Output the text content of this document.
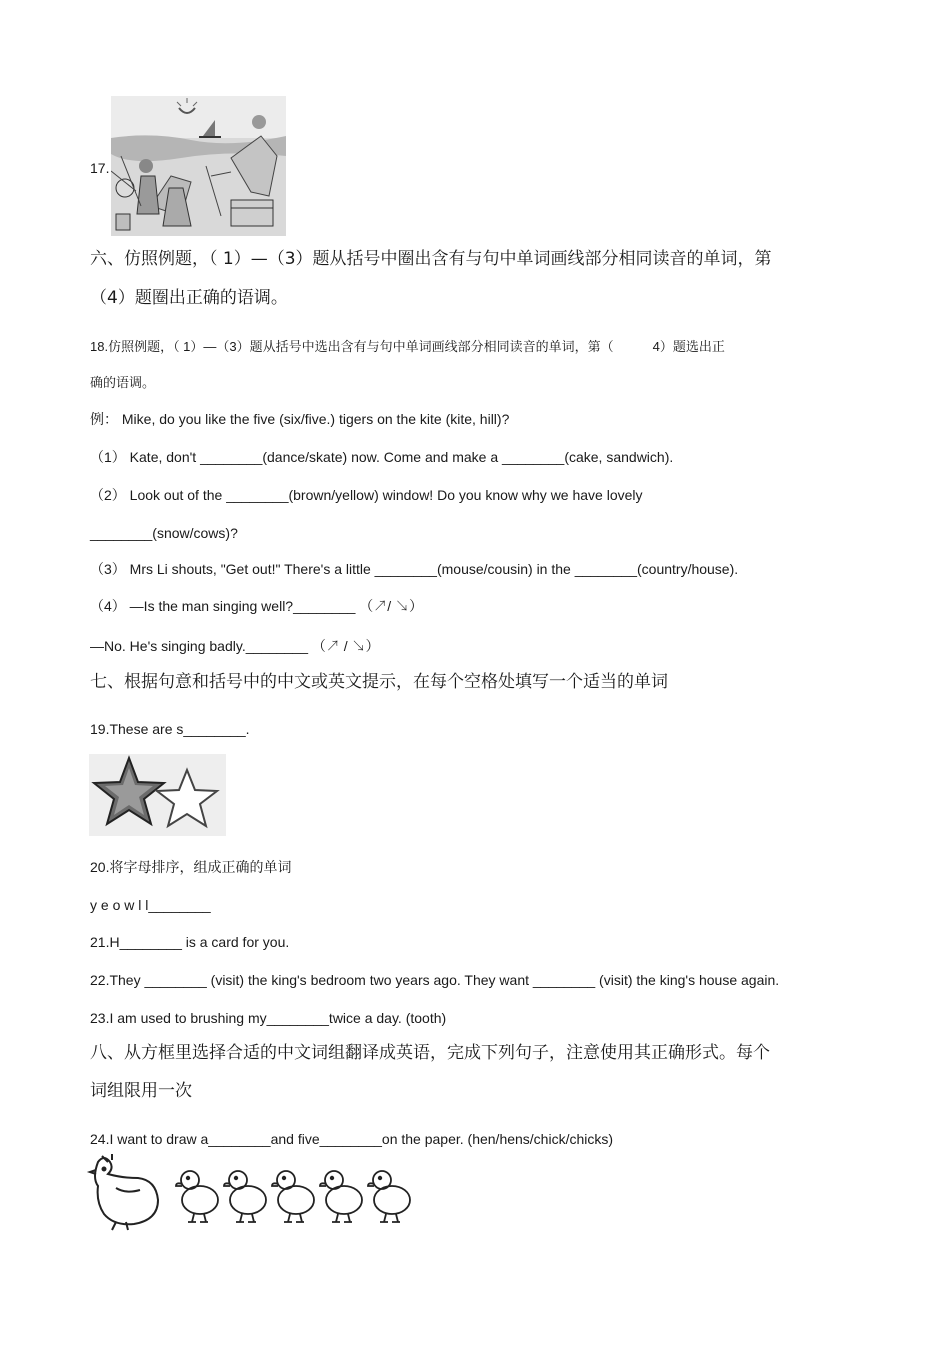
17.
六、仿照例题，（ 1）—（3）题从括号中圈出含有与句中单词画线部分相同读音的单词，第
（4）题圈出正确的语调。
18.仿照例题，（ 1）—（3）题从括号中选出含有与句中单词画线部分相同读音的单词，第（　　　4）题选出正
确的语调。
例： Mike, do you like the five (six/five.) tigers on the kite (kite, hill)?
（1） Kate, don't ________(dance/skate) now. Come and make a ________(cake, sandwich).
（2） Look out of the ________(brown/yellow) window! Do you know why we have lovely
________(snow/cows)?
（3） Mrs Li shouts, "Get out!" There's a little ________(mouse/cousin) in the ________(country/house).
（4） —Is the man singing well?________ （↗/ ↘）
—No. He's singing badly.________ （↗ / ↘）
七、根据句意和括号中的中文或英文提示，在每个空格处填写一个适当的单词
19.These are s________.
20.将字母排序，组成正确的单词
y e o w l l________
21.H________ is a card for you.
22.They ________ (visit) the king's bedroom two years ago. They want ________ (visit) the king's house again.
23.I am used to brushing my________twice a day. (tooth)
八、从方框里选择合适的中文词组翻译成英语，完成下列句子，注意使用其正确形式。每个
词组限用一次
24.I want to draw a________and five________on the paper. (hen/hens/chick/chicks)
